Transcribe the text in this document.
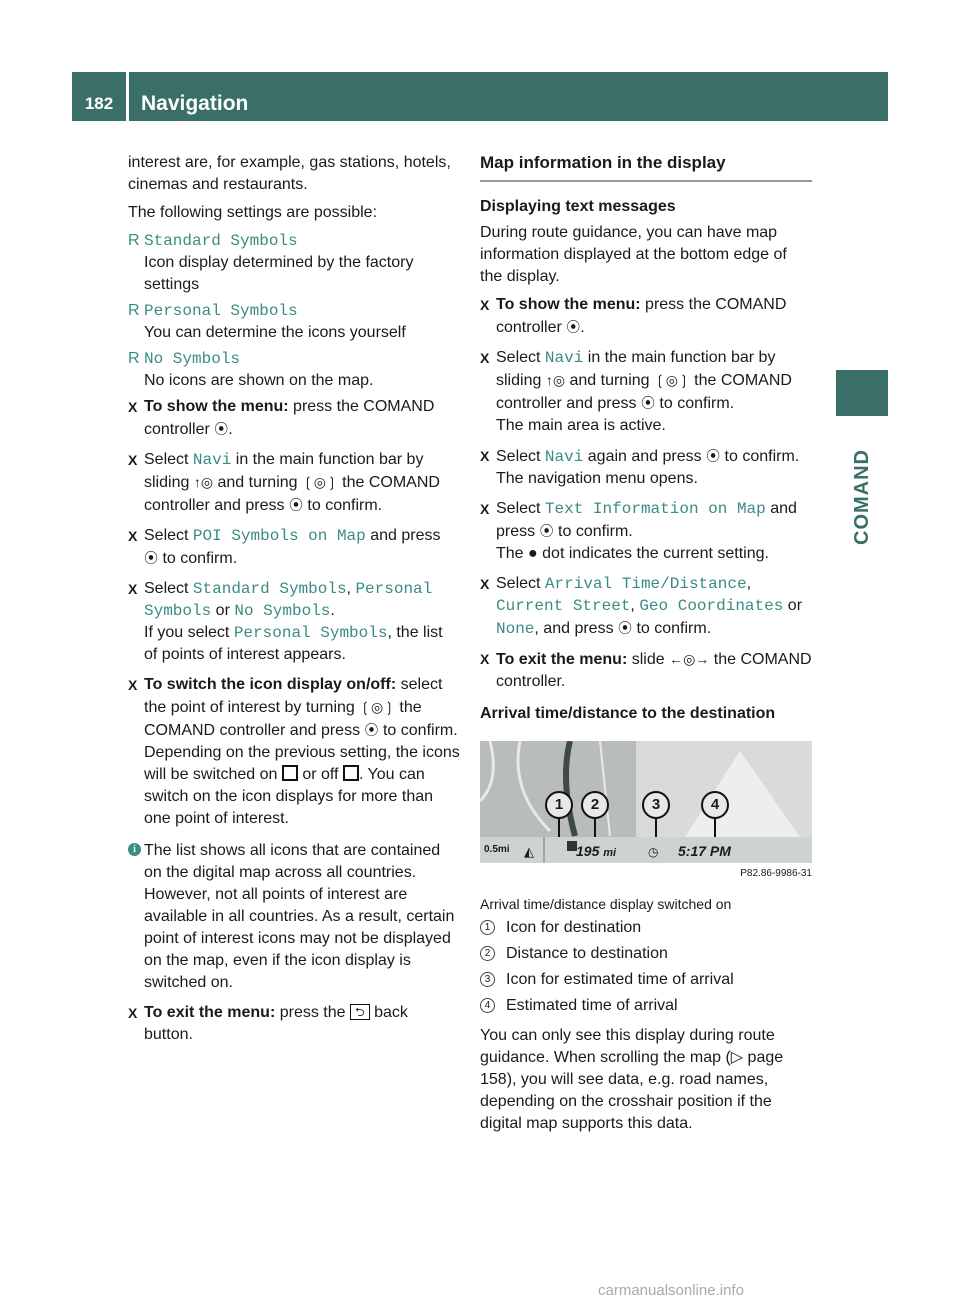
182	Navigation
COMAND

interest are, for example, gas stations, hotels, cinemas and restaurants.

The following settings are possible:

R Standard Symbols
Icon display determined by the factory settings
R Personal Symbols
You can determine the icons yourself
R No Symbols
No icons are shown on the map.
X To show the menu: press the COMAND controller ⦿.
X Select Navi in the main function bar by sliding ↑◎ and turning ❲◎❳ the COMAND controller and press ⦿ to confirm.
X Select POI Symbols on Map and press
⦿ to confirm.
X Select Standard Symbols, Personal Symbols or No Symbols.
If you select Personal Symbols, the list of points of interest appears.
X To switch the icon display on/off: select the point of interest by turning ❲◎❳ the COMAND controller and press ⦿ to confirm.
Depending on the previous setting, the icons will be switched on or off . You can switch on the icon displays for more than one point of interest.
i The list shows all icons that are contained on the digital map across all countries. However, not all points of interest are available in all countries. As a result, certain point of interest icons may not be displayed on the map, even if the icon display is switched on.
X To exit the menu: press the ⮌ back button.
Map information in the display
Displaying text messages

During route guidance, you can have map information displayed at the bottom edge of the display.

X To show the menu: press the COMAND controller ⦿.
X Select Navi in the main function bar by sliding ↑◎ and turning ❲◎❳ the COMAND controller and press ⦿ to confirm.
The main area is active.
X Select Navi again and press ⦿ to confirm.
The navigation menu opens.
X Select Text Information on Map and press ⦿ to confirm.
The ● dot indicates the current setting.
X Select Arrival Time/Distance,
Current Street, Geo Coordinates or
None, and press ⦿ to confirm.
X To exit the menu: slide ←◎→ the COMAND controller.
Arrival time/distance to the destination
0.5mi ◭	195 mi	◷ 5:17 PM
1	2	3	4
P82.86-9986-31
Arrival time/distance display switched on
1 Icon for destination
2 Distance to destination
3 Icon for estimated time of arrival
4 Estimated time of arrival

You can only see this display during route guidance. When scrolling the map (▷ page 158), you will see data, e.g. road names, depending on the crosshair position if the digital map supports this data.

carmanualsonline.info
